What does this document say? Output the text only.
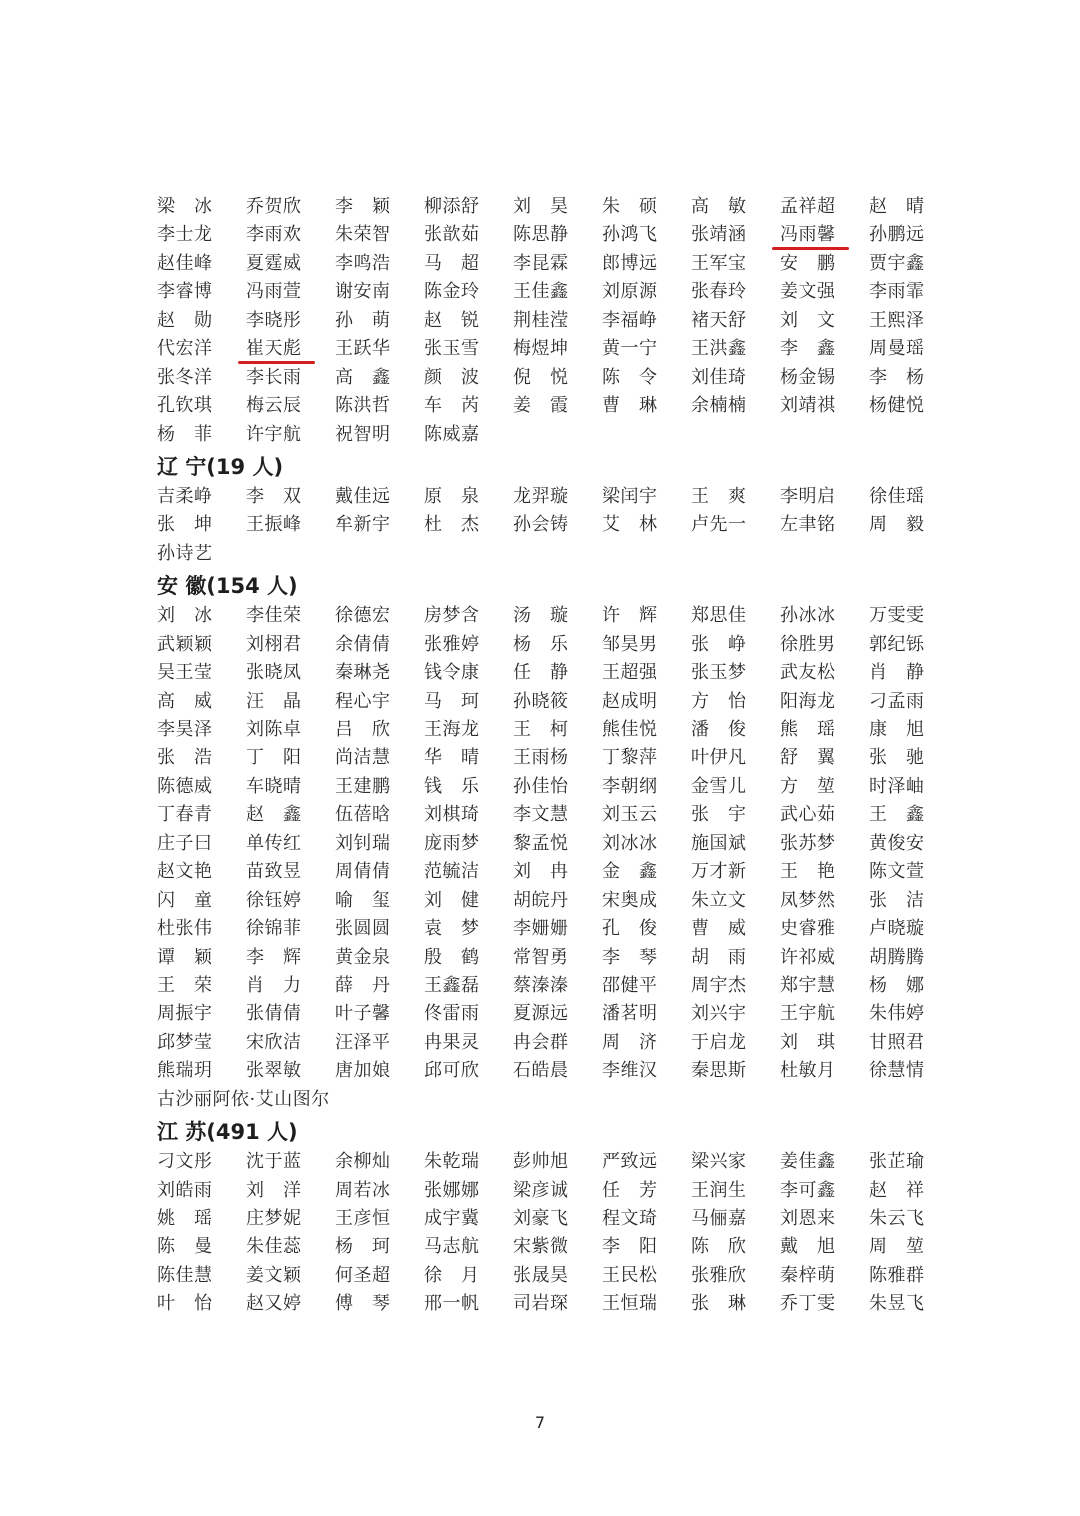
梁　冰	乔贺欣	李　颖	柳添舒	刘　昊	朱　硕	高　敏	孟祥超	赵　晴
李士龙	李雨欢	朱荣智	张歆茹	陈思静	孙鸿飞	张靖涵	冯雨馨	孙鹏远
赵佳峰	夏霆威	李鸣浩	马　超	李昆霖	郎博远	王军宝	安　鹏	贾宇鑫
李睿博	冯雨萱	谢安南	陈金玲	王佳鑫	刘原源	张春玲	姜文强	李雨霏
赵　勋	李晓彤	孙　萌	赵　锐	荆桂滢	李福峥	褚天舒	刘　文	王熙泽
代宏洋	崔天彪	王跃华	张玉雪	梅煜坤	黄一宁	王洪鑫	李　鑫	周曼瑶
张冬洋	李长雨	高　鑫	颜　波	倪　悦	陈　令	刘佳琦	杨金锡	李　杨
孔钦琪	梅云辰	陈洪哲	车　芮	姜　霞	曹　琳	余楠楠	刘靖祺	杨健悦
杨　菲	许宇航	祝智明	陈威嘉
辽 宁(19 人)
吉柔峥	李　双	戴佳远	原　泉	龙羿璇	梁闰宇	王　爽	李明启	徐佳瑶
张　坤	王振峰	牟新宇	杜　杰	孙会铸	艾　林	卢先一	左聿铭	周　毅
孙诗艺
安 徽(154 人)
刘　冰	李佳荣	徐德宏	房梦含	汤　璇	许　辉	郑思佳	孙冰冰	万雯雯
武颖颖	刘栩君	余倩倩	张雅婷	杨　乐	邹昊男	张　峥	徐胜男	郭纪铄
吴王莹	张晓凤	秦琳尧	钱令康	任　静	王超强	张玉梦	武友松	肖　静
高　威	汪　晶	程心宇	马　珂	孙晓筱	赵成明	方　怡	阳海龙	刁孟雨
李昊泽	刘陈卓	吕　欣	王海龙	王　柯	熊佳悦	潘　俊	熊　瑶	康　旭
张　浩	丁　阳	尚洁慧	华　晴	王雨杨	丁黎萍	叶伊凡	舒　翼	张　驰
陈德威	车晓晴	王建鹏	钱　乐	孙佳怡	李朝纲	金雪儿	方　堃	时泽岫
丁春青	赵　鑫	伍蓓晗	刘棋琦	李文慧	刘玉云	张　宇	武心茹	王　鑫
庄子曰	单传红	刘钊瑞	庞雨梦	黎孟悦	刘冰冰	施国斌	张苏梦	黄俊安
赵文艳	苗致昱	周倩倩	范毓洁	刘　冉	金　鑫	万才新	王　艳	陈文萱
闪　童	徐钰婷	喻　玺	刘　健	胡皖丹	宋奥成	朱立文	凤梦然	张　洁
杜张伟	徐锦菲	张圆圆	袁　梦	李姗姗	孔　俊	曹　威	史睿雅	卢晓璇
谭　颖	李　辉	黄金泉	殷　鹤	常智勇	李　琴	胡　雨	许祁威	胡腾腾
王　荣	肖　力	薛　丹	王鑫磊	蔡溱溱	邵健平	周宇杰	郑宇慧	杨　娜
周振宇	张倩倩	叶子馨	佟雷雨	夏源远	潘茗明	刘兴宇	王宇航	朱伟婷
邱梦莹	宋欣洁	汪泽平	冉果灵	冉会群	周　济	于启龙	刘　琪	甘照君
熊瑞玥	张翠敏	唐加娘	邱可欣	石皓晨	李维汉	秦思斯	杜敏月	徐慧情
古沙丽阿依·艾山图尔
江 苏(491 人)
刁文彤	沈于蓝	余柳灿	朱乾瑞	彭帅旭	严致远	梁兴家	姜佳鑫	张芷瑜
刘皓雨	刘　洋	周若冰	张娜娜	梁彦诚	任　芳	王润生	李可鑫	赵　祥
姚　瑶	庄梦妮	王彦恒	成宇冀	刘豪飞	程文琦	马俪嘉	刘恩来	朱云飞
陈　曼	朱佳蕊	杨　珂	马志航	宋紫微	李　阳	陈　欣	戴　旭	周　堃
陈佳慧	姜文颖	何圣超	徐　月	张晟昊	王民松	张雅欣	秦梓萌	陈雅群
叶　怡	赵又婷	傅　琴	邢一帆	司岩琛	王恒瑞	张　琳	乔丁雯	朱昱飞
7
